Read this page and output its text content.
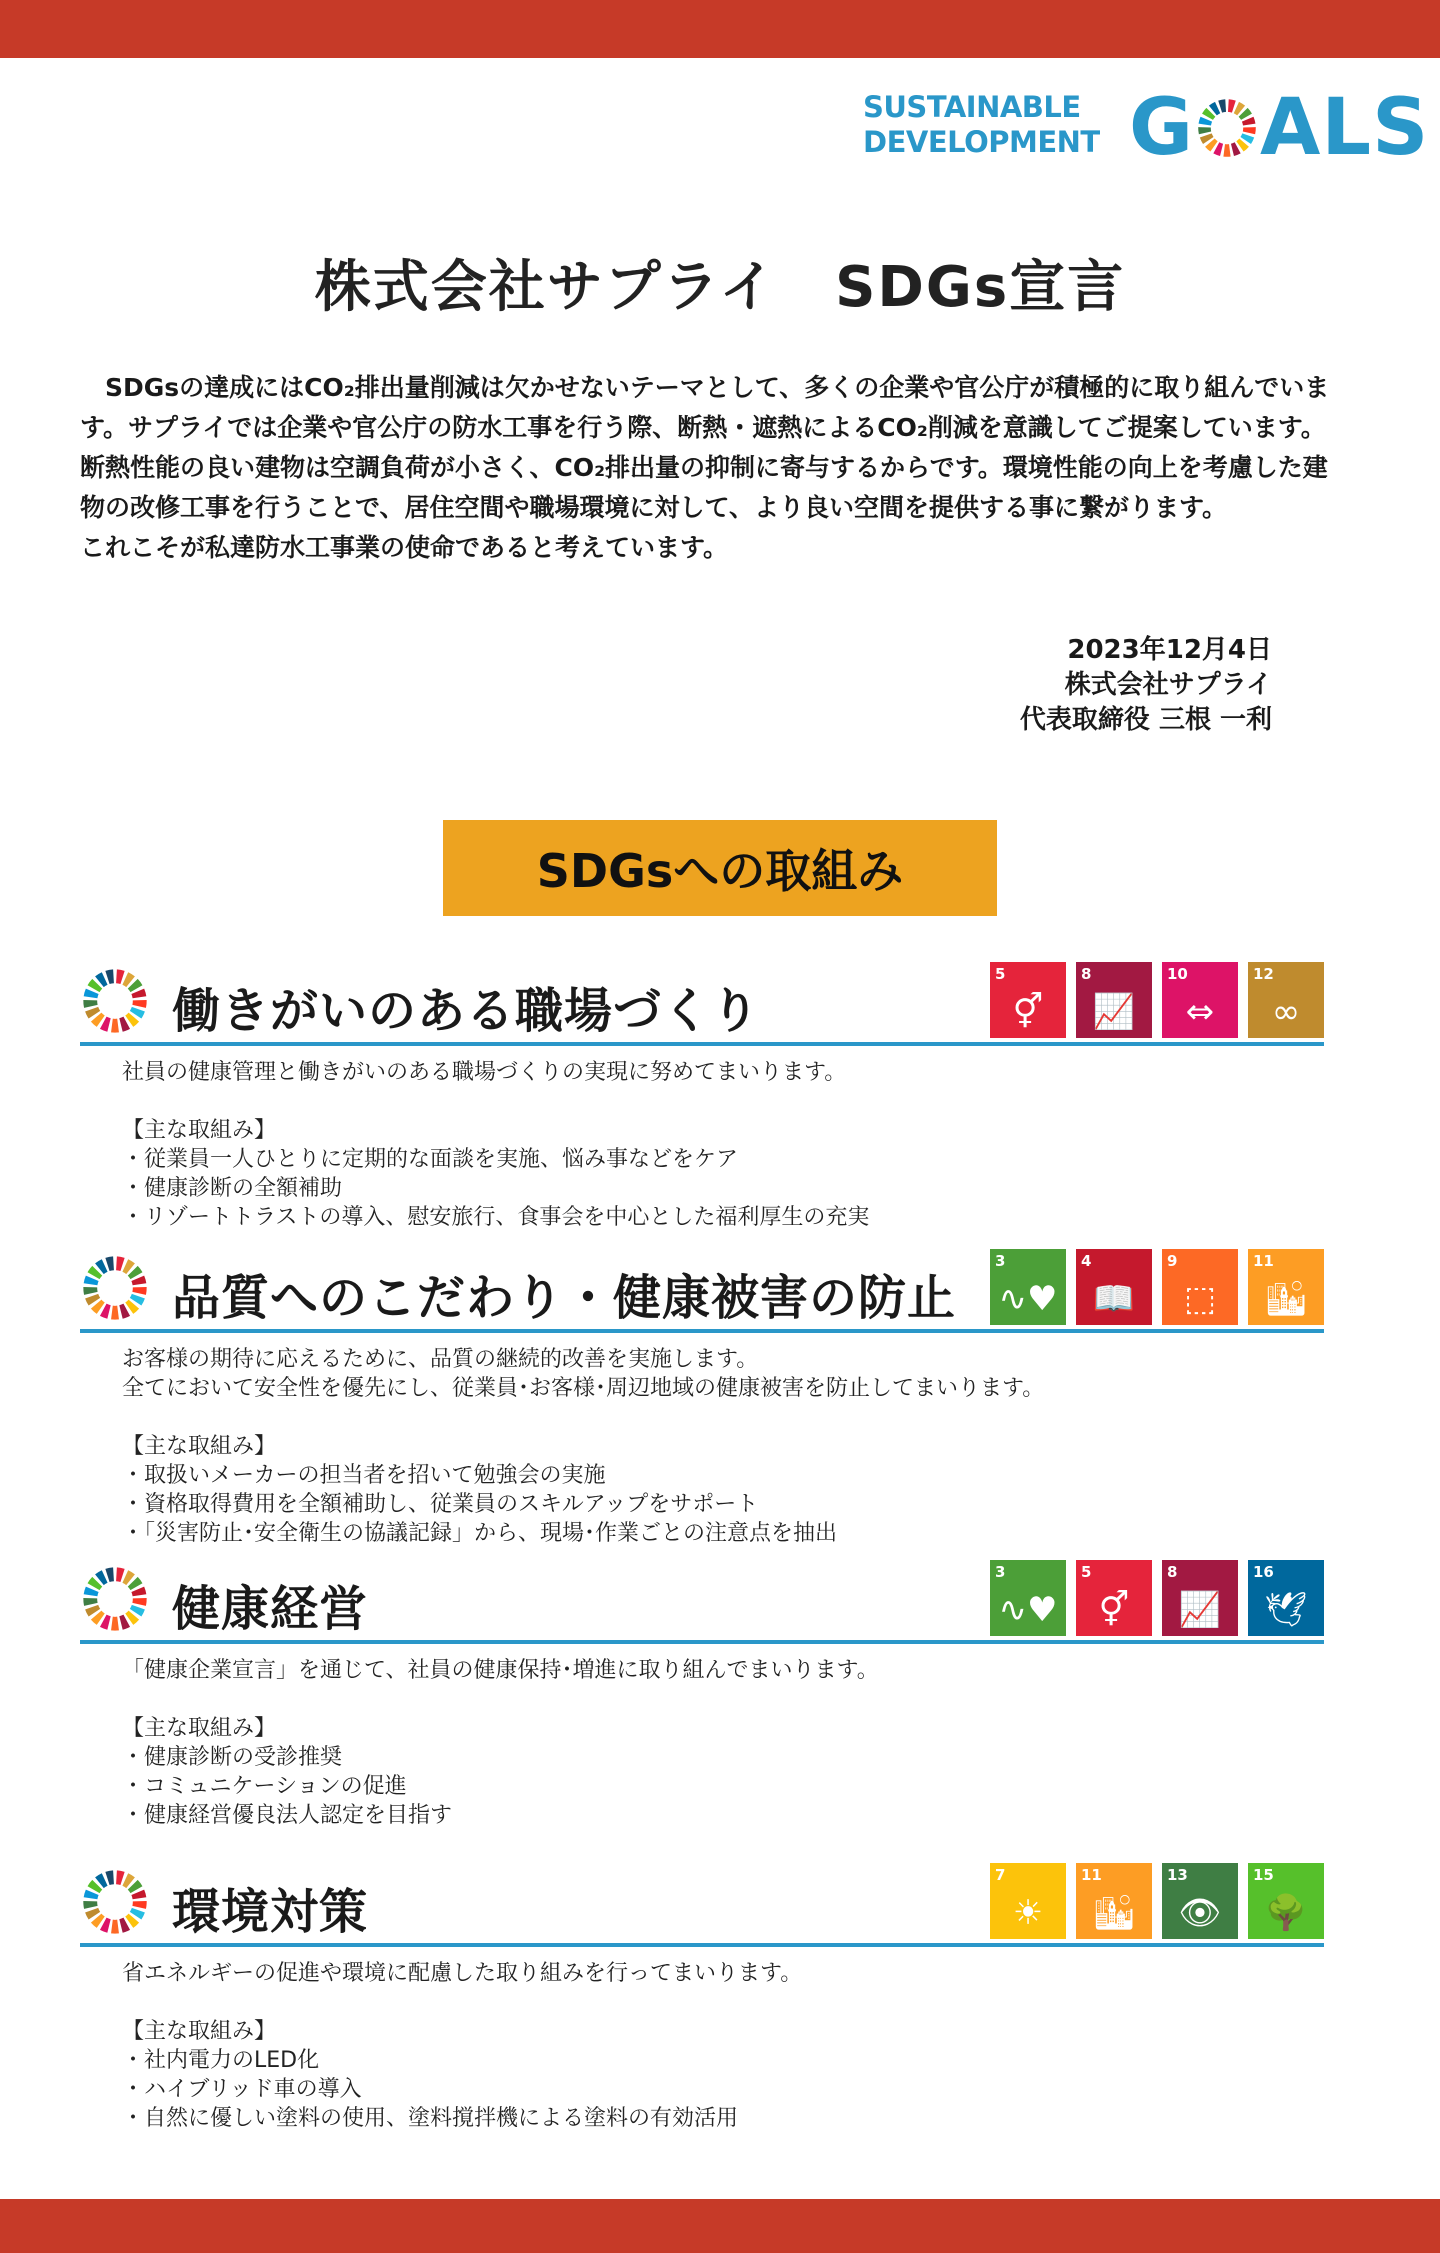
SUSTAINABLE
DEVELOPMENT G ALS
株式会社サプライ　SDGs宣言

SDGsの達成にはCO₂排出量削減は欠かせないテーマとして、多くの企業や官公庁が積極的に取り組んでいます。サプライでは企業や官公庁の防水工事を行う際、断熱・遮熱によるCO₂削減を意識してご提案しています。断熱性能の良い建物は空調負荷が小さく、CO₂排出量の抑制に寄与するからです。環境性能の向上を考慮した建物の改修工事を行うことで、居住空間や職場環境に対して、より良い空間を提供する事に繋がります。

これこそが私達防水工事業の使命であると考えています。

2023年12月4日
株式会社サプライ
代表取締役 三根 一利
SDGsへの取組み
働きがいのある職場づくり
5
⚥
8
📈
10
⇔
12
∞
社員の健康管理と働きがいのある職場づくりの実現に努めてまいります。
【主な取組み】
・従業員一人ひとりに定期的な面談を実施、悩み事などをケア
・健康診断の全額補助
・リゾートトラストの導入、慰安旅行、食事会を中心とした福利厚生の充実
品質へのこだわり・健康被害の防止
3
∿♥
4
📖
9
⬚
11
🏙
お客様の期待に応えるために、品質の継続的改善を実施します。
全てにおいて安全性を優先にし、従業員･お客様･周辺地域の健康被害を防止してまいります。
【主な取組み】
・取扱いメーカーの担当者を招いて勉強会の実施
・資格取得費用を全額補助し、従業員のスキルアップをサポート
・「災害防止･安全衛生の協議記録」から、現場･作業ごとの注意点を抽出
健康経営
3
∿♥
5
⚥
8
📈
16
🕊
「健康企業宣言」を通じて、社員の健康保持･増進に取り組んでまいります。
【主な取組み】
・健康診断の受診推奨
・コミュニケーションの促進
・健康経営優良法人認定を目指す
環境対策
7
☀
11
🏙
13
👁
15
🌳
省エネルギーの促進や環境に配慮した取り組みを行ってまいります。
【主な取組み】
・社内電力のLED化
・ハイブリッド車の導入
・自然に優しい塗料の使用、塗料撹拌機による塗料の有効活用
